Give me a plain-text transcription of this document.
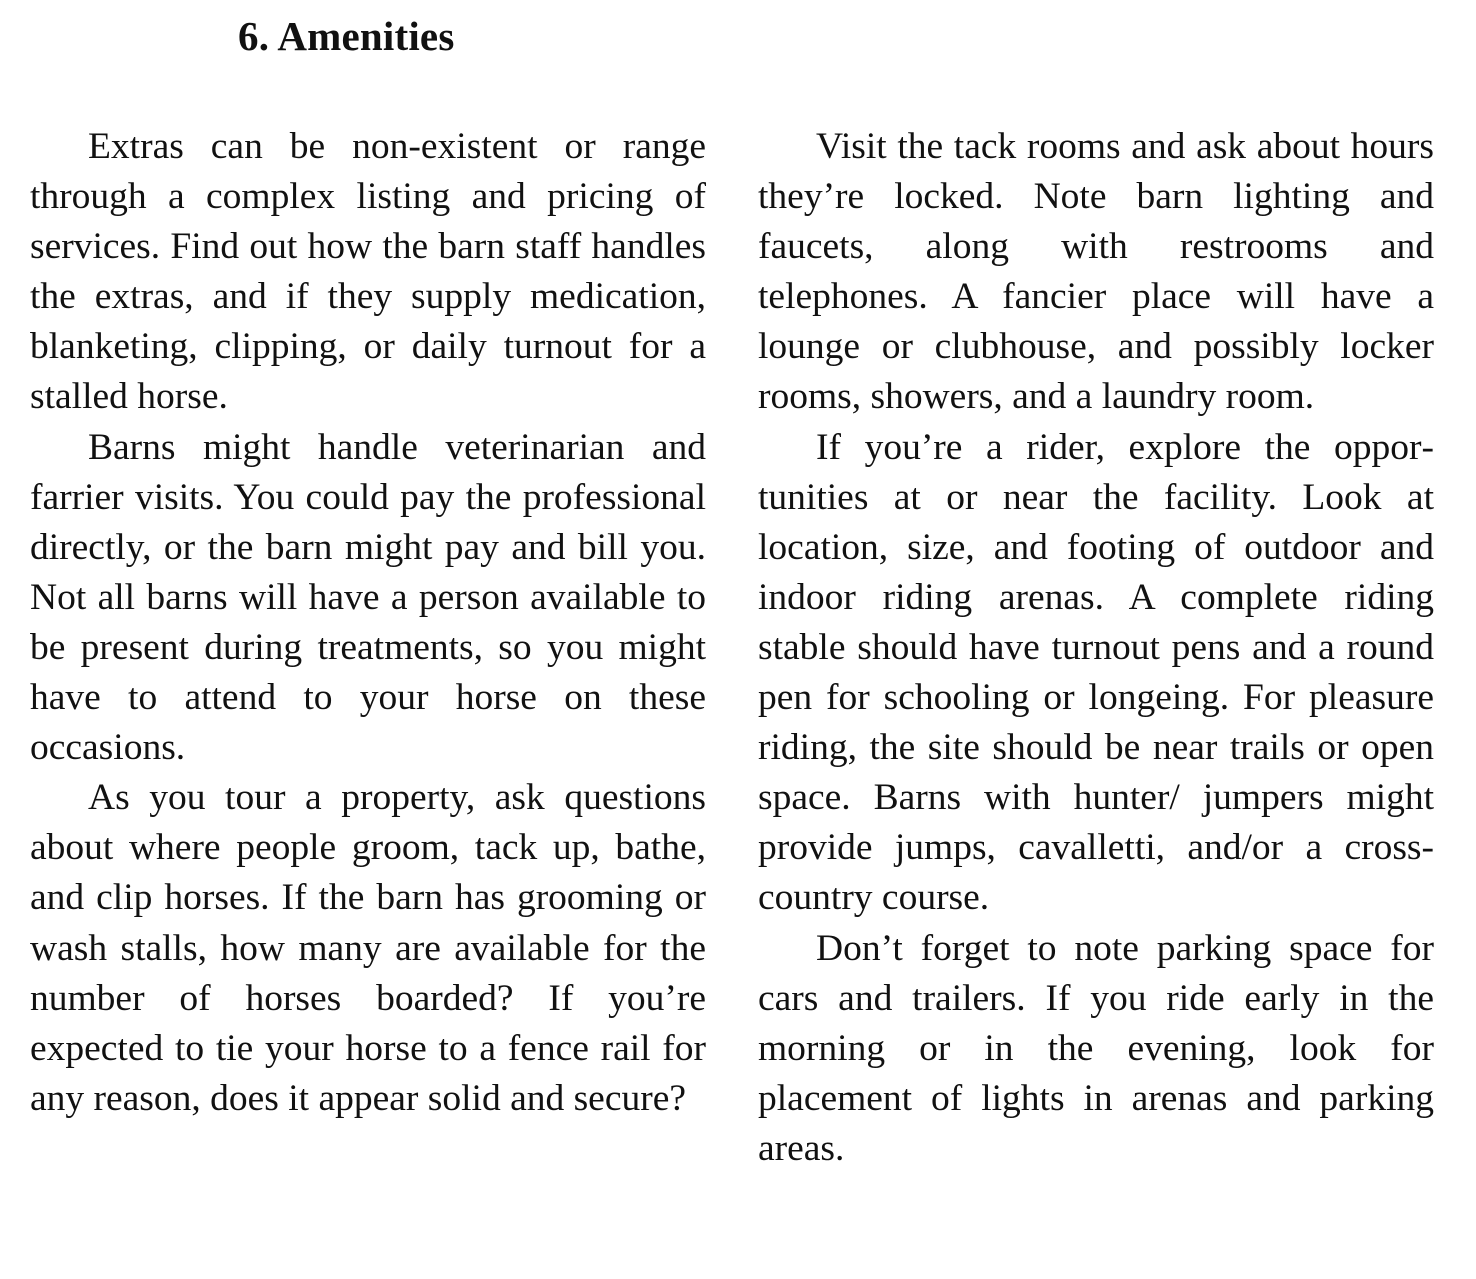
6. Amenities

Extras can be non-existent or range through a complex listing and pricing of services. Find out how the barn staff handles the extras, and if they supply medication, blanketing, clipping, or daily turnout for a stalled horse.

Barns might handle veterinarian and farrier visits. You could pay the professional directly, or the barn might pay and bill you. Not all barns will have a person available to be present during treatments, so you might have to attend to your horse on these occasions.

As you tour a property, ask questions about where people groom, tack up, bathe, and clip horses. If the barn has grooming or wash stalls, how many are available for the number of horses boarded? If you’re expected to tie your horse to a fence rail for any reason, does it appear solid and secure?

Visit the tack rooms and ask about hours they’re locked. Note barn lighting and faucets, along with restrooms and telephones. A fancier place will have a lounge or clubhouse, and possibly locker rooms, showers, and a laundry room.

If you’re a rider, explore the opportunities at or near the facility. Look at location, size, and footing of outdoor and indoor riding arenas. A complete riding stable should have turnout pens and a round pen for schooling or longeing. For pleasure riding, the site should be near trails or open space. Barns with hunter/ jumpers might provide jumps, cavalletti, and/or a cross-country course.

Don’t forget to note parking space for cars and trailers. If you ride early in the morning or in the evening, look for placement of lights in arenas and parking areas.
